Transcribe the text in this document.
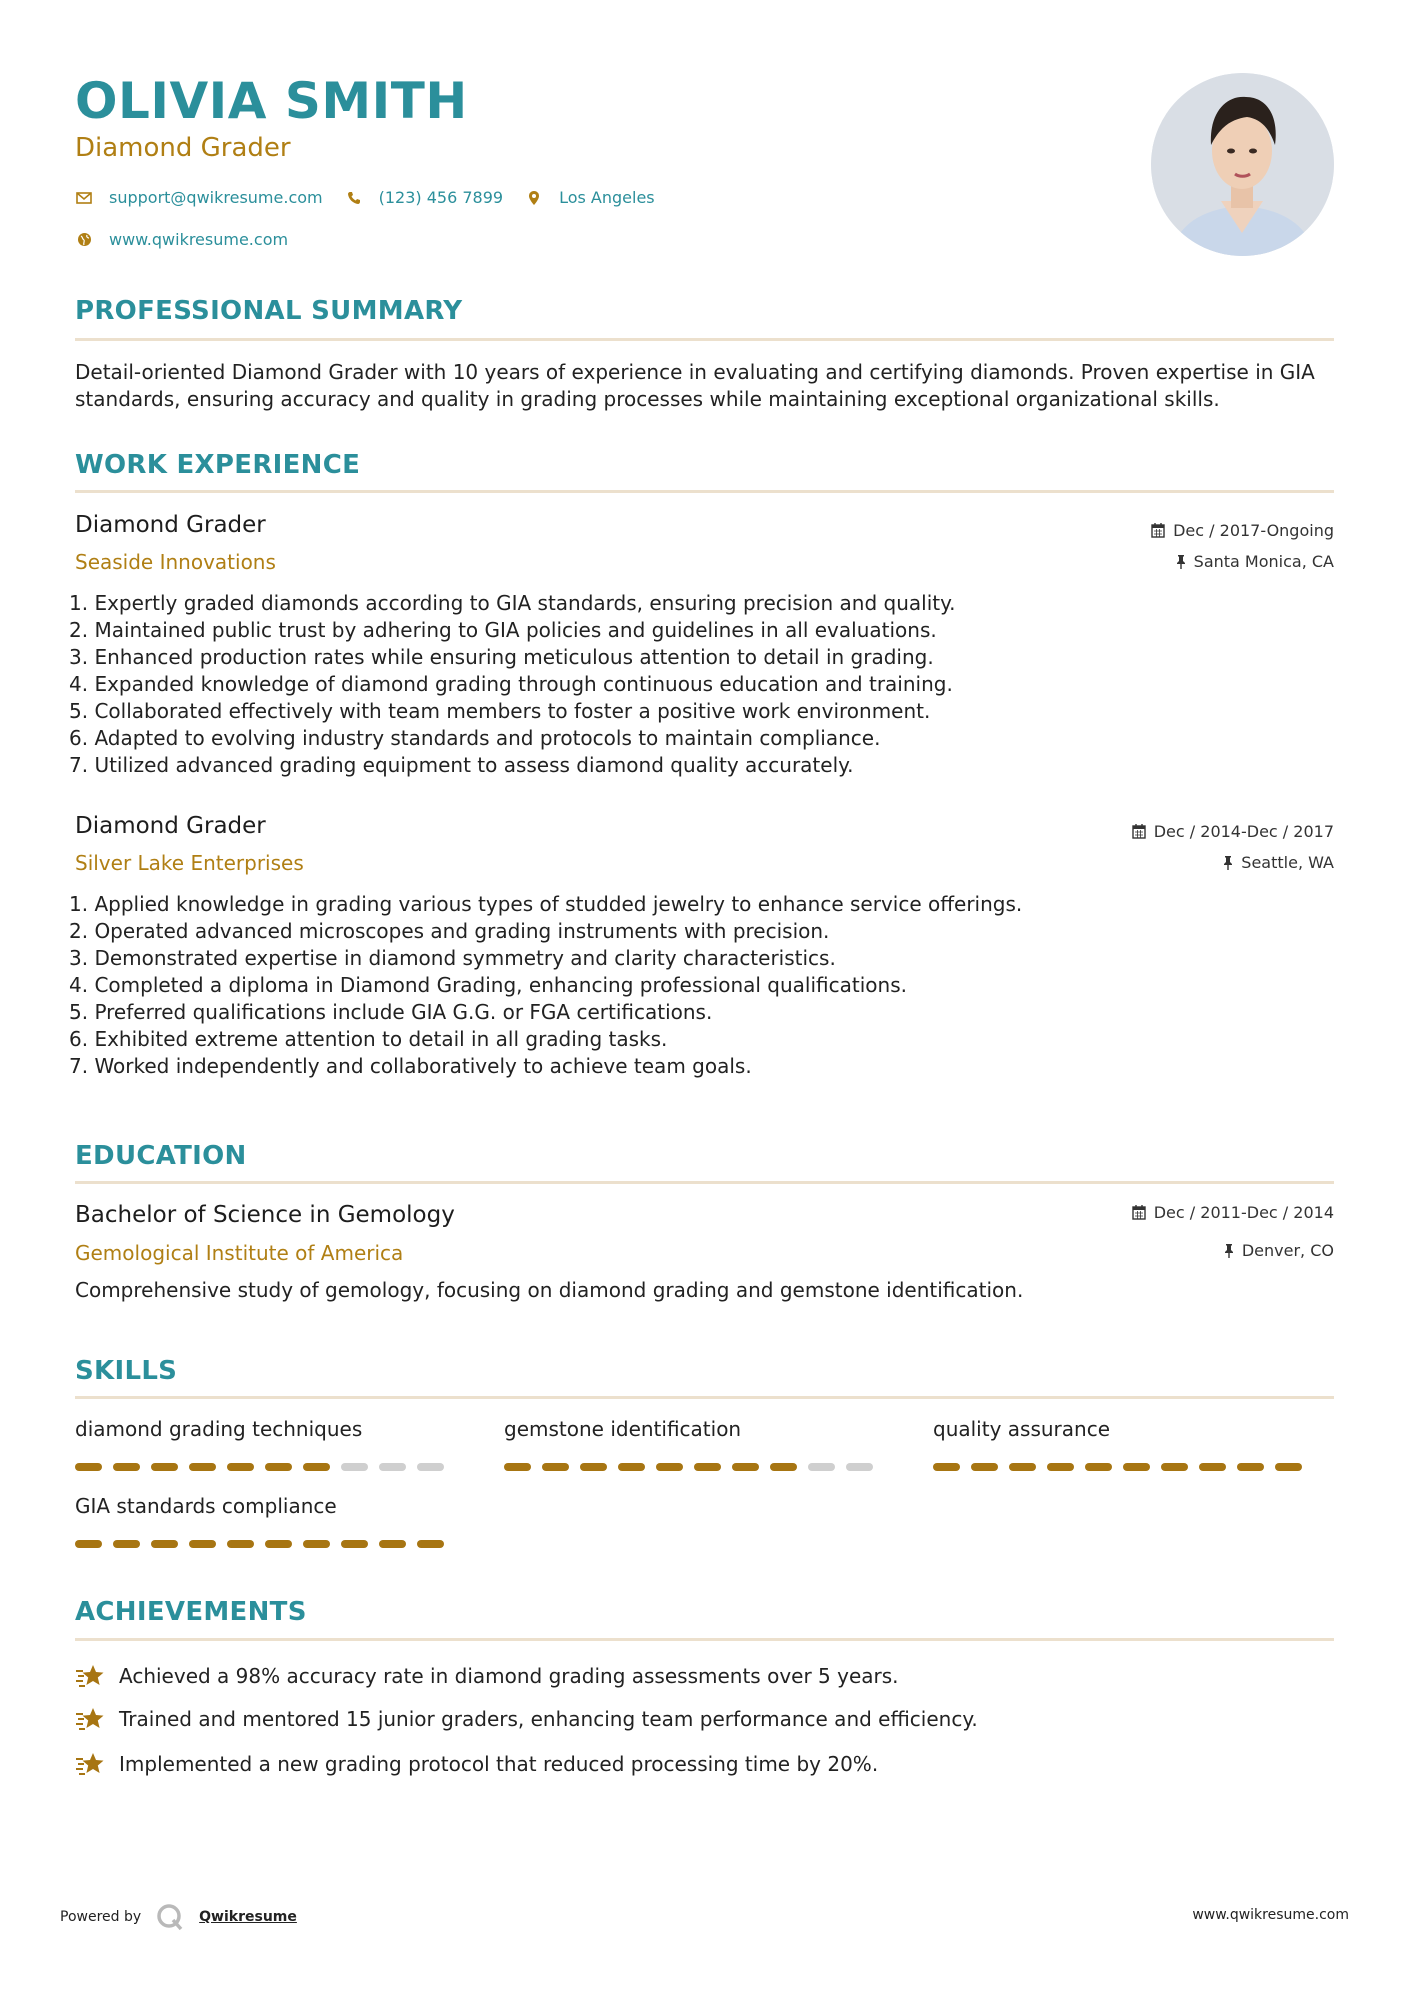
OLIVIA SMITH
Diamond Grader
support@qwikresume.com	(123) 456 7899	Los Angeles
www.qwikresume.com
PROFESSIONAL SUMMARY
Detail-oriented Diamond Grader with 10 years of experience in evaluating and certifying diamonds. Proven expertise in GIA standards, ensuring accuracy and quality in grading processes while maintaining exceptional organizational skills.
WORK EXPERIENCE
Diamond Grader
Seaside Innovations
Dec / 2017-Ongoing
Santa Monica, CA
1. Expertly graded diamonds according to GIA standards, ensuring precision and quality.
2. Maintained public trust by adhering to GIA policies and guidelines in all evaluations.
3. Enhanced production rates while ensuring meticulous attention to detail in grading.
4. Expanded knowledge of diamond grading through continuous education and training.
5. Collaborated effectively with team members to foster a positive work environment.
6. Adapted to evolving industry standards and protocols to maintain compliance.
7. Utilized advanced grading equipment to assess diamond quality accurately.
Diamond Grader
Silver Lake Enterprises
Dec / 2014-Dec / 2017
Seattle, WA
1. Applied knowledge in grading various types of studded jewelry to enhance service offerings.
2. Operated advanced microscopes and grading instruments with precision.
3. Demonstrated expertise in diamond symmetry and clarity characteristics.
4. Completed a diploma in Diamond Grading, enhancing professional qualifications.
5. Preferred qualifications include GIA G.G. or FGA certifications.
6. Exhibited extreme attention to detail in all grading tasks.
7. Worked independently and collaboratively to achieve team goals.
EDUCATION
Bachelor of Science in Gemology
Gemological Institute of America
Dec / 2011-Dec / 2014
Denver, CO
Comprehensive study of gemology, focusing on diamond grading and gemstone identification.
SKILLS
diamond grading techniques	gemstone identification	quality assurance
GIA standards compliance
ACHIEVEMENTS
Achieved a 98% accuracy rate in diamond grading assessments over 5 years.
Trained and mentored 15 junior graders, enhancing team performance and efficiency.
Implemented a new grading protocol that reduced processing time by 20%.
Powered by	Qwikresume	www.qwikresume.com
